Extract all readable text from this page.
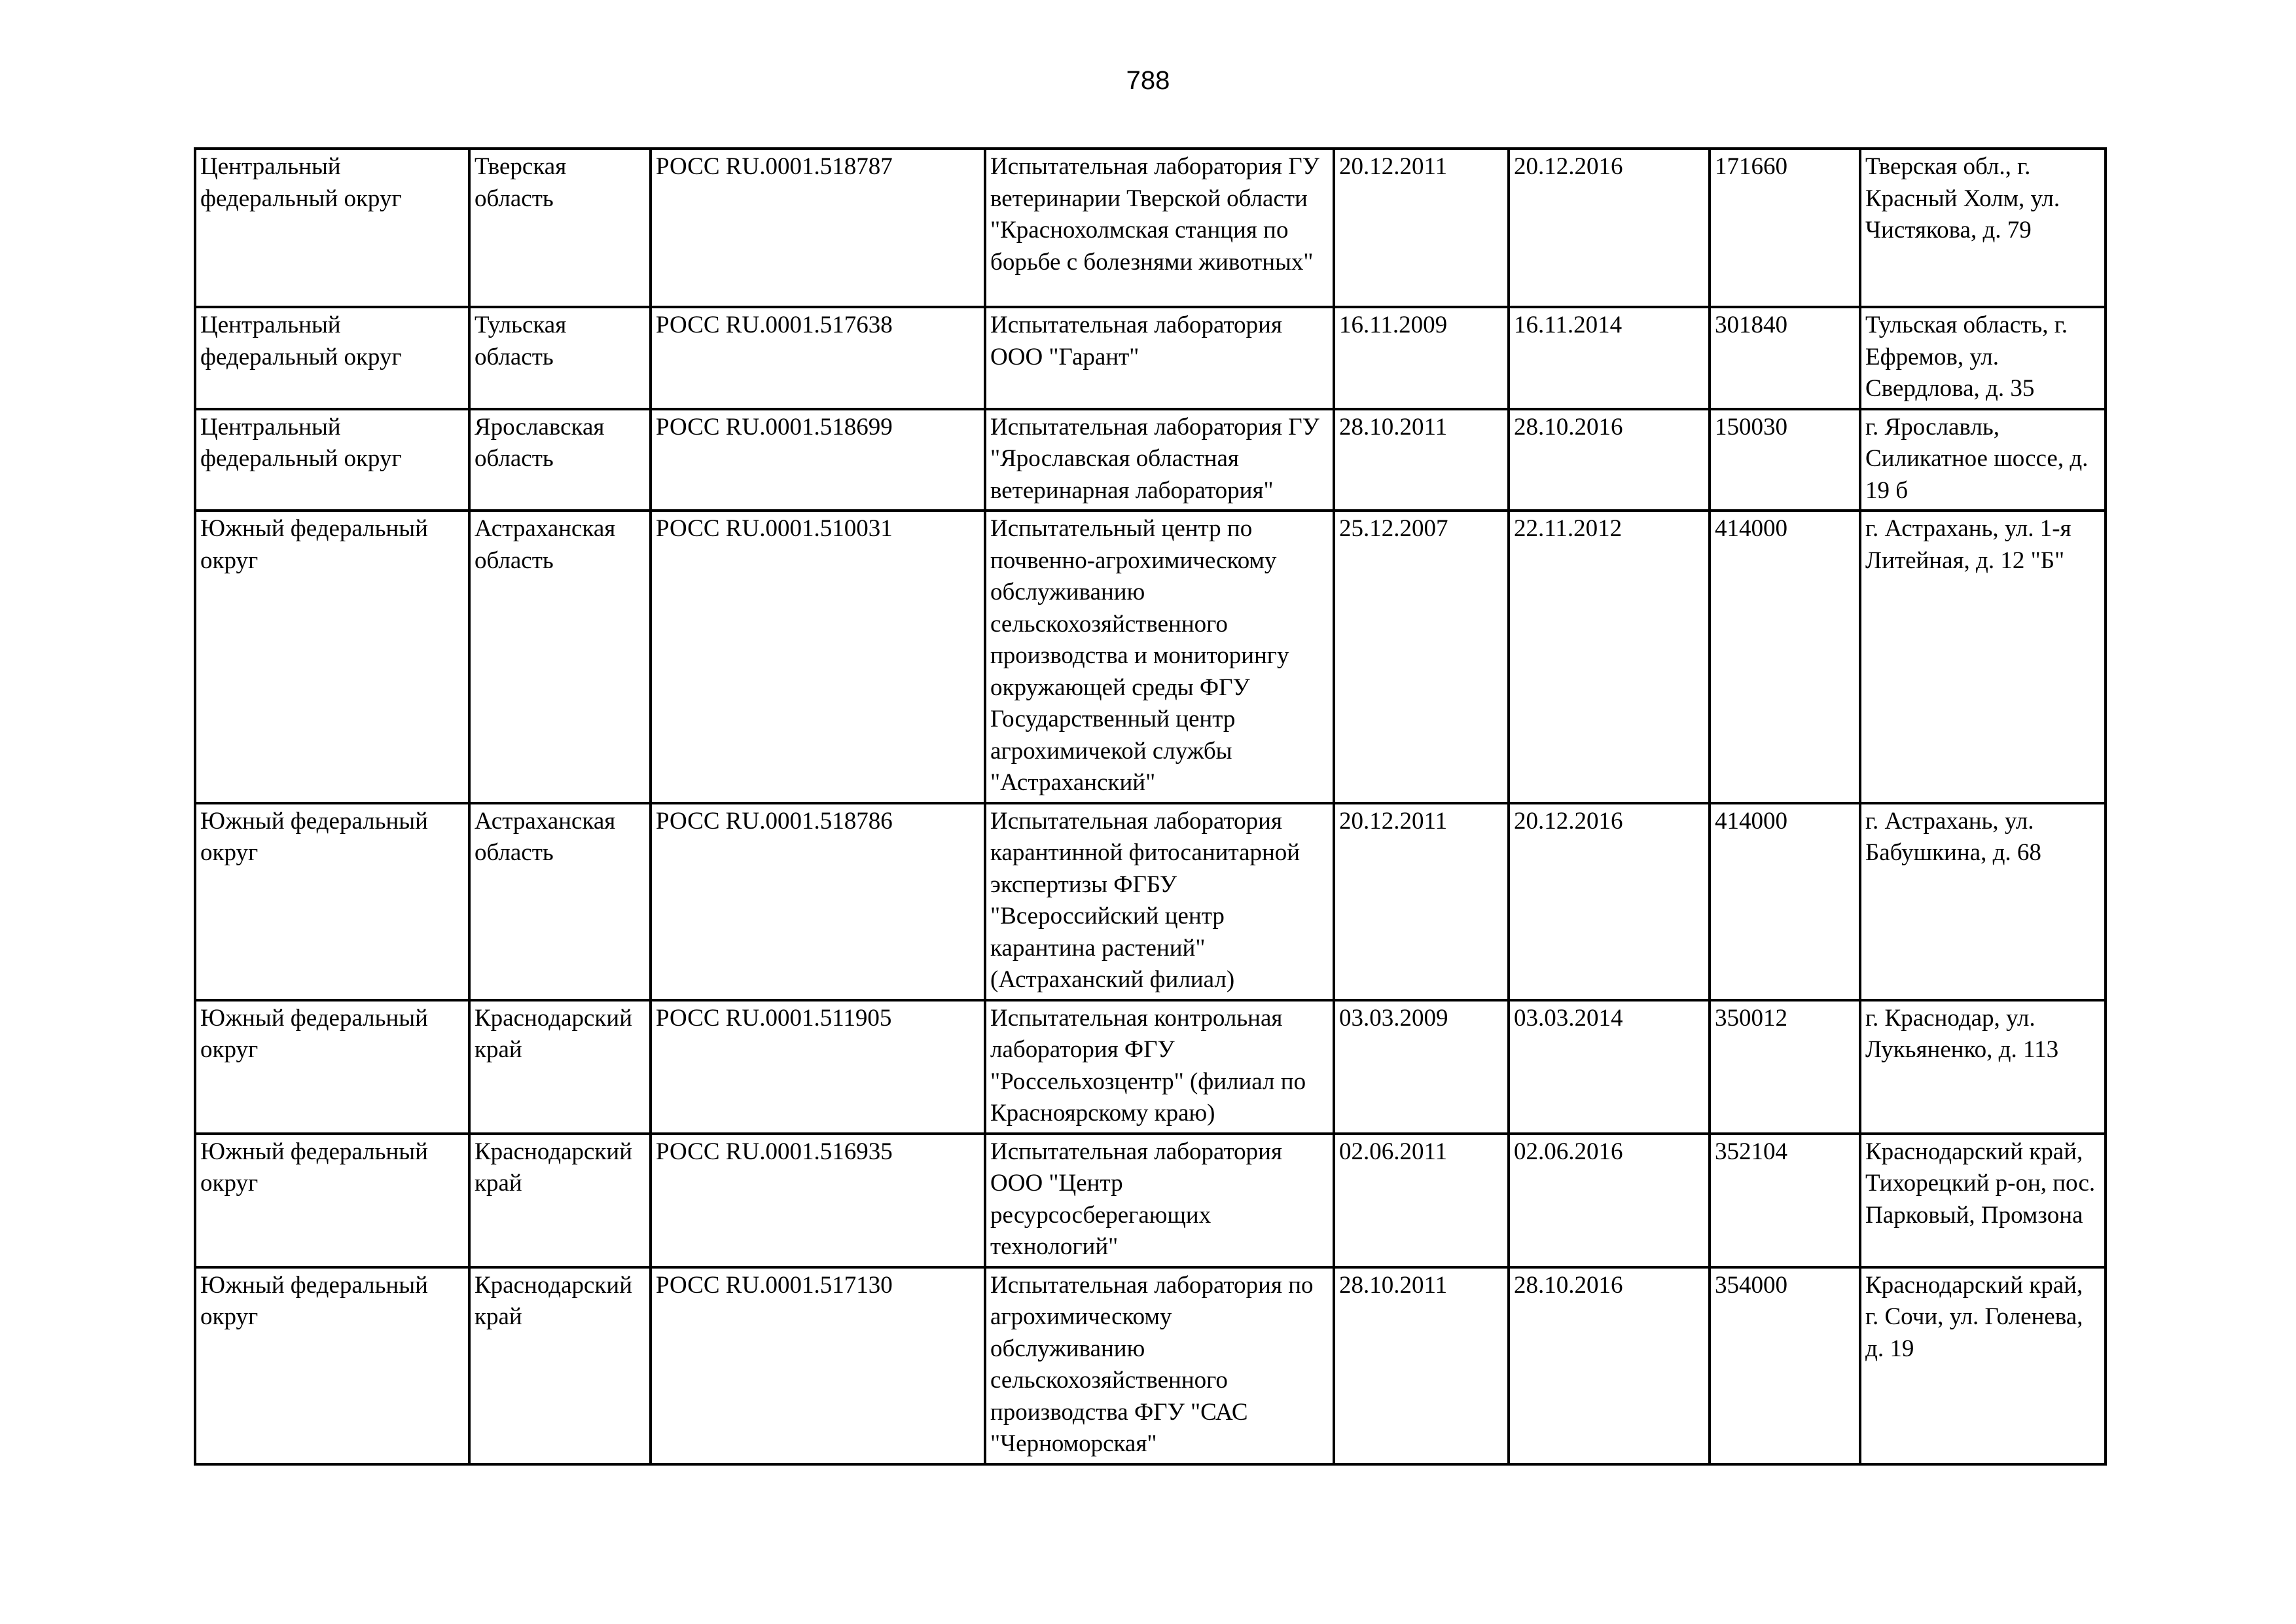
788
Центральный федеральный округ	Тверская область	РОСС RU.0001.518787	Испытательная лаборатория ГУ ветеринарии Тверской области "Краснохолмская станция по борьбе с болезнями животных"	20.12.2011	20.12.2016	171660	Тверская обл., г. Красный Холм, ул. Чистякова, д. 79
Центральный федеральный округ	Тульская область	РОСС RU.0001.517638	Испытательная лаборатория ООО "Гарант"	16.11.2009	16.11.2014	301840	Тульская область, г. Ефремов, ул. Свердлова, д. 35
Центральный федеральный округ	Ярославская область	РОСС RU.0001.518699	Испытательная лаборатория ГУ "Ярославская областная ветеринарная лаборатория"	28.10.2011	28.10.2016	150030	г. Ярославль, Силикатное шоссе, д. 19 б
Южный федеральный округ	Астраханская область	РОСС RU.0001.510031	Испытательный центр по почвенно-агрохимическому обслуживанию сельскохозяйственного производства и мониторингу окружающей среды ФГУ Государственный центр агрохимичекой службы "Астраханский"	25.12.2007	22.11.2012	414000	г. Астрахань, ул. 1-я Литейная, д. 12 "Б"
Южный федеральный округ	Астраханская область	РОСС RU.0001.518786	Испытательная лаборатория карантинной фитосанитарной экспертизы ФГБУ "Всероссийский центр карантина растений" (Астраханский филиал)	20.12.2011	20.12.2016	414000	г. Астрахань, ул. Бабушкина, д. 68
Южный федеральный округ	Краснодарский край	РОСС RU.0001.511905	Испытательная контрольная лаборатория ФГУ "Россельхозцентр" (филиал по Красноярскому краю)	03.03.2009	03.03.2014	350012	г. Краснодар, ул. Лукьяненко, д. 113
Южный федеральный округ	Краснодарский край	РОСС RU.0001.516935	Испытательная лаборатория ООО "Центр ресурсосберегающих технологий"	02.06.2011	02.06.2016	352104	Краснодарский край, Тихорецкий р-он, пос. Парковый, Промзона
Южный федеральный округ	Краснодарский край	РОСС RU.0001.517130	Испытательная лаборатория по агрохимическому обслуживанию сельскохозяйственного производства ФГУ "САС "Черноморская"	28.10.2011	28.10.2016	354000	Краснодарский край, г. Сочи, ул. Голенева, д. 19
